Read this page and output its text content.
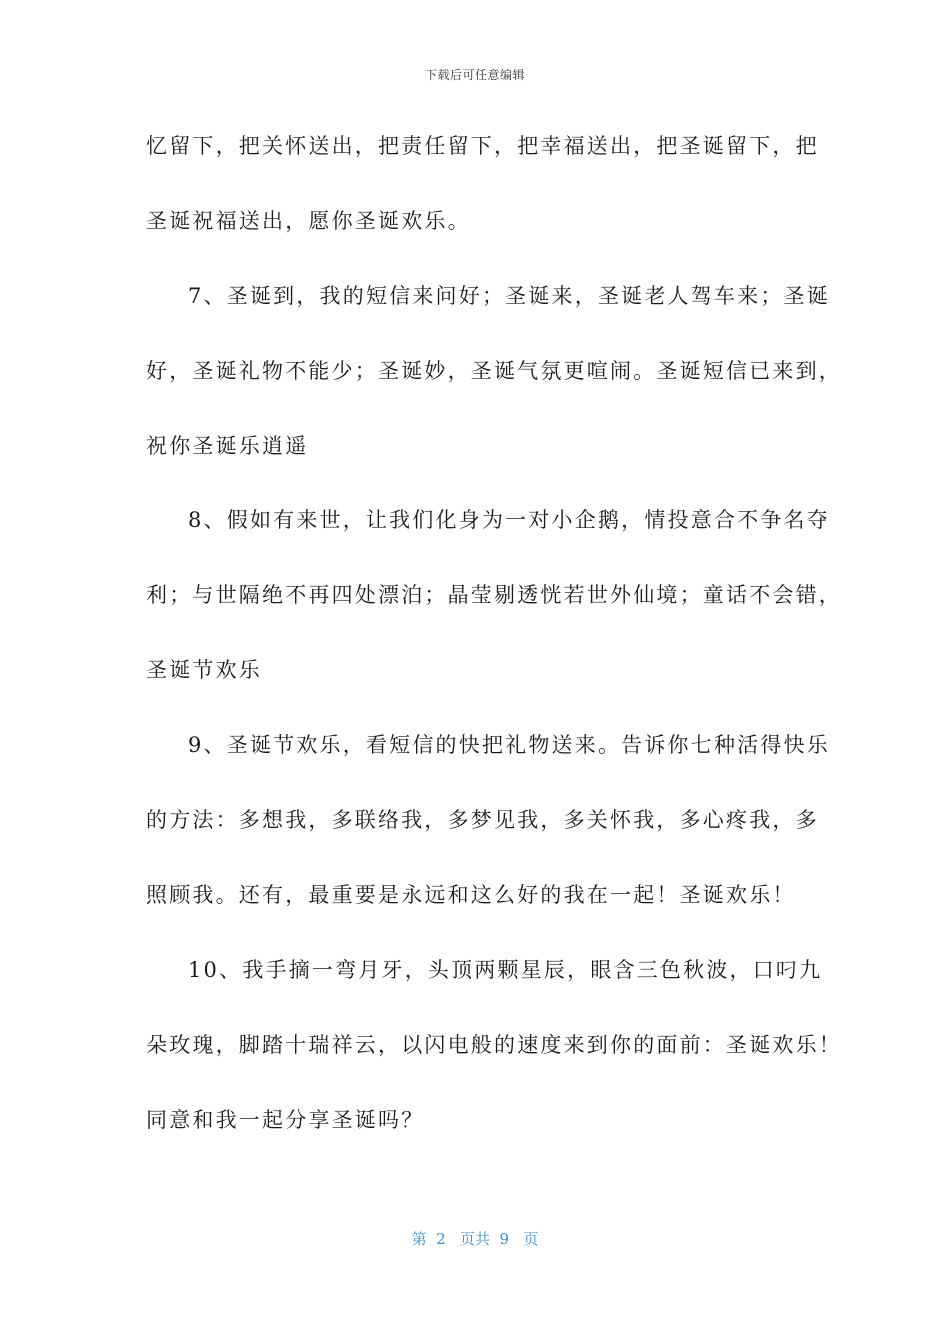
下载后可任意编辑
忆留下，把关怀送出，把责任留下，把幸福送出，把圣诞留下，把
圣诞祝福送出，愿你圣诞欢乐。
7、圣诞到，我的短信来问好；圣诞来，圣诞老人驾车来；圣诞
好，圣诞礼物不能少；圣诞妙，圣诞气氛更喧闹。圣诞短信已来到，
祝你圣诞乐逍遥
8、假如有来世，让我们化身为一对小企鹅，情投意合不争名夺
利；与世隔绝不再四处漂泊；晶莹剔透恍若世外仙境；童话不会错，
圣诞节欢乐
9、圣诞节欢乐，看短信的快把礼物送来。告诉你七种活得快乐
的方法：多想我，多联络我，多梦见我，多关怀我，多心疼我，多
照顾我。还有，最重要是永远和这么好的我在一起！圣诞欢乐！
10、我手摘一弯月牙，头顶两颗星辰，眼含三色秋波，口叼九
朵玫瑰，脚踏十瑞祥云，以闪电般的速度来到你的面前：圣诞欢乐！
同意和我一起分享圣诞吗？
第  2   页共  9   页
